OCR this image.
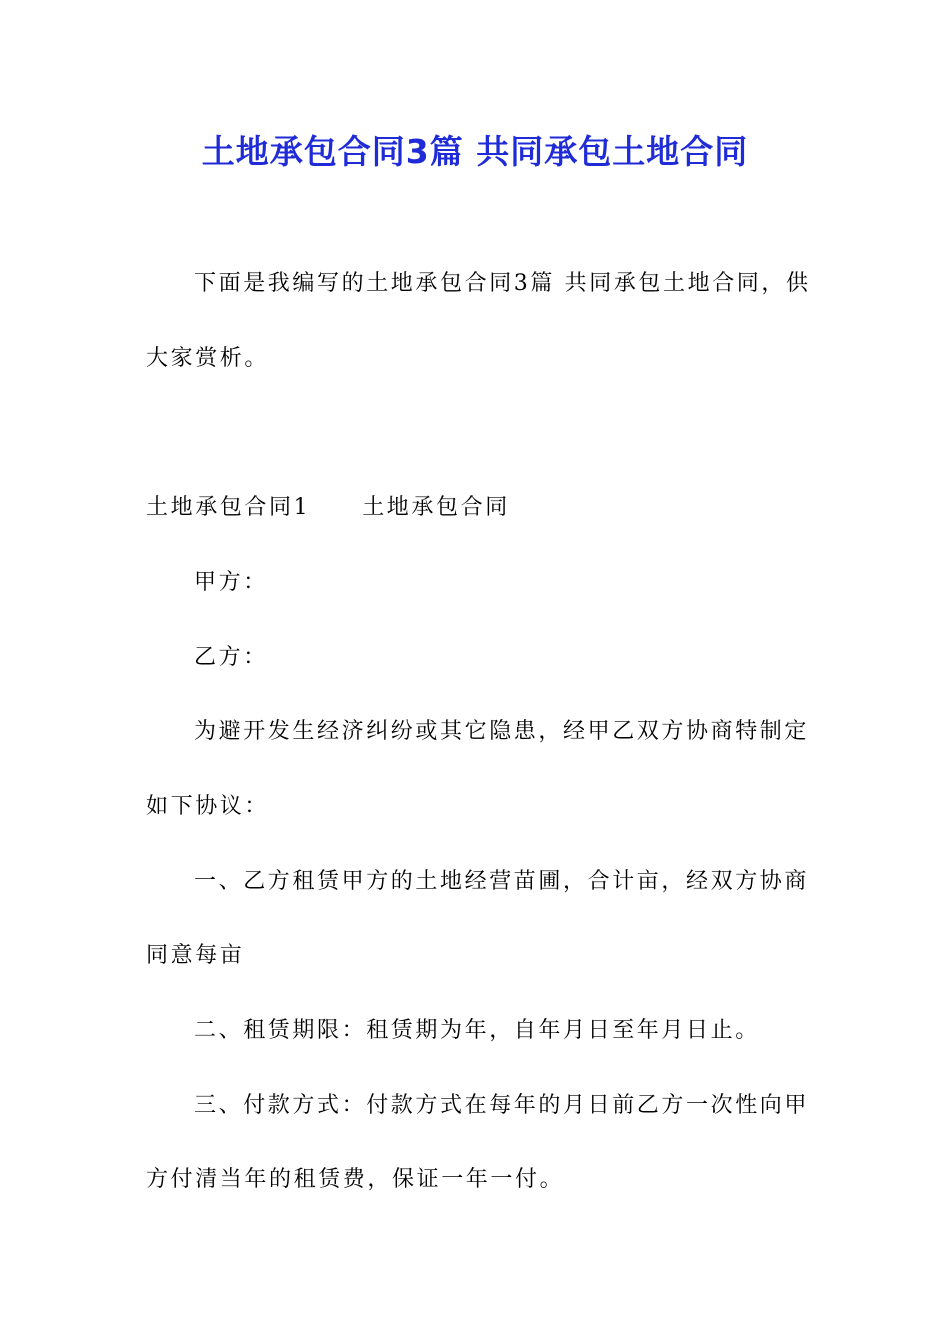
土地承包合同3篇 共同承包土地合同
下面是我编写的土地承包合同3篇 共同承包土地合同，供
大家赏析。
土地承包合同1 土地承包合同
甲方：
乙方：
为避开发生经济纠纷或其它隐患，经甲乙双方协商特制定
如下协议：
一、乙方租赁甲方的土地经营苗圃，合计亩，经双方协商
同意每亩
二、租赁期限：租赁期为年，自年月日至年月日止。
三、付款方式：付款方式在每年的月日前乙方一次性向甲
方付清当年的租赁费，保证一年一付。
